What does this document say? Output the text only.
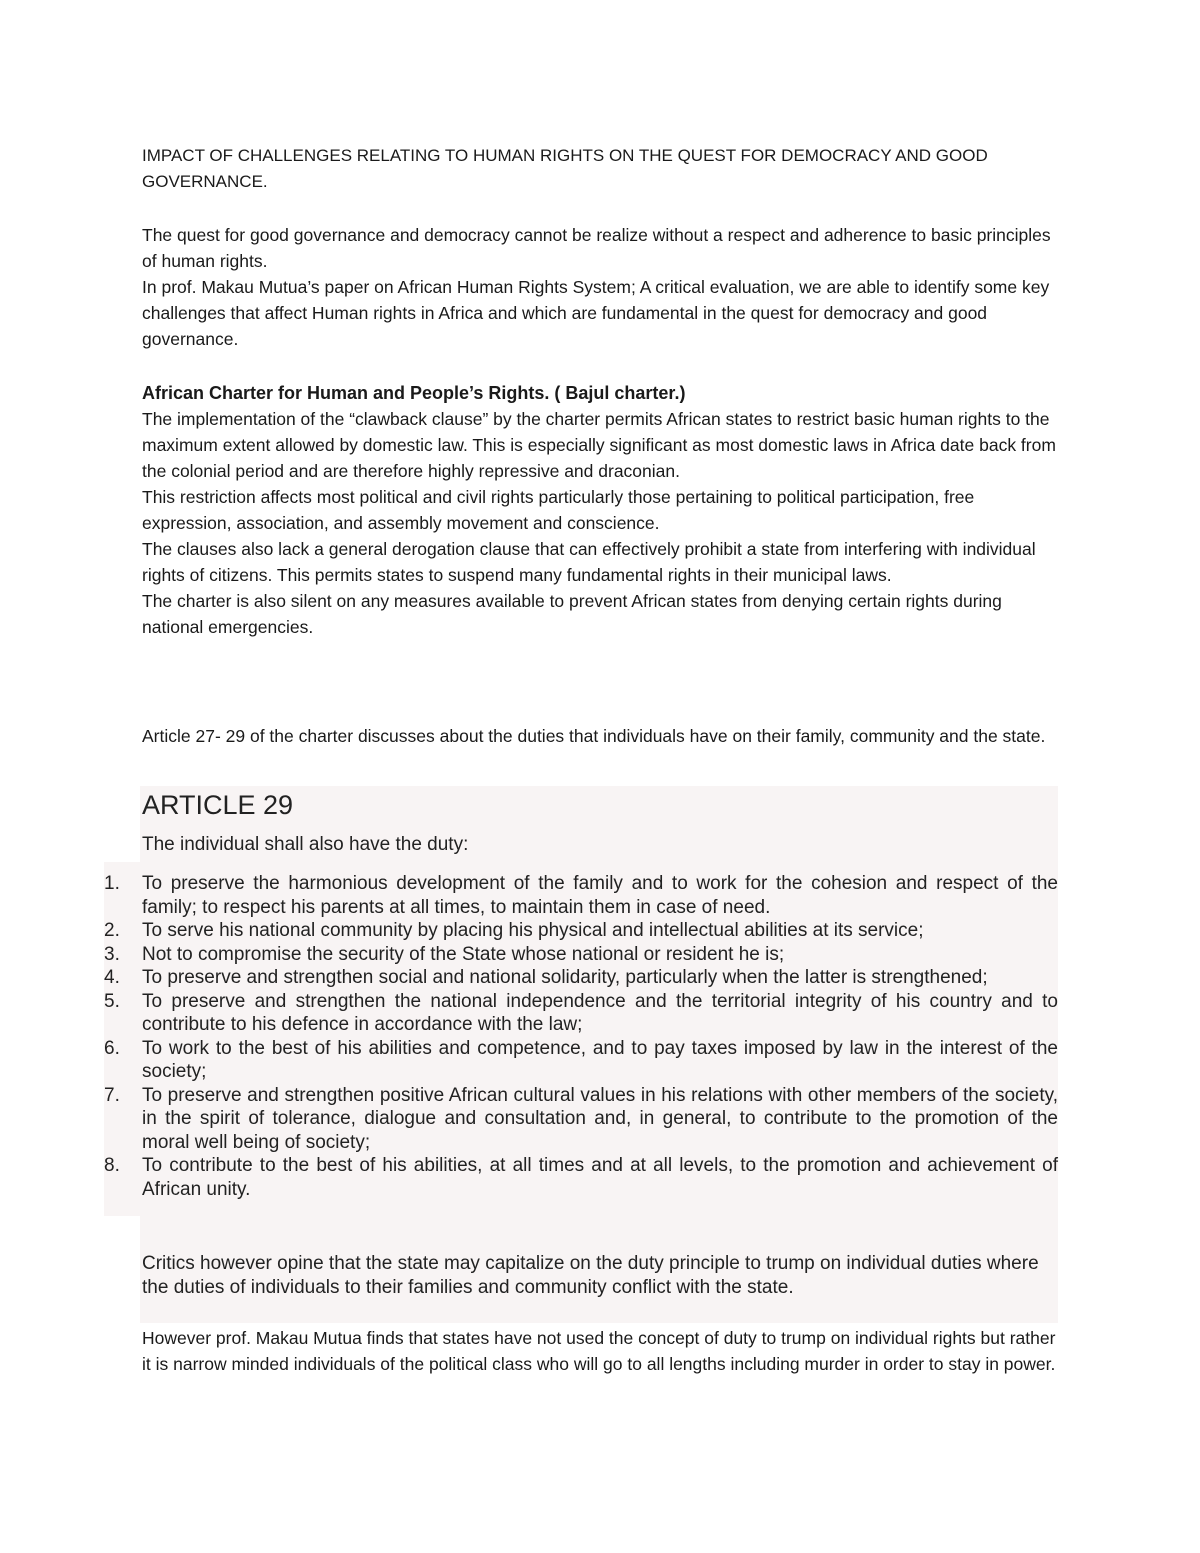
IMPACT OF CHALLENGES RELATING TO HUMAN RIGHTS ON THE QUEST FOR DEMOCRACY AND GOOD GOVERNANCE.

The quest for good governance and democracy cannot be realize without a respect and adherence to basic principles of human rights.

In prof. Makau Mutua’s paper on African Human Rights System; A critical evaluation, we are able to identify some key challenges that affect Human rights in Africa and which are fundamental in the quest for democracy and good governance.

African Charter for Human and People’s Rights. ( Bajul charter.)

The implementation of the “clawback clause” by the charter permits African states to restrict basic human rights to the maximum extent allowed by domestic law. This is especially significant as most domestic laws in Africa date back from the colonial period and are therefore highly repressive and draconian.

This restriction affects most political and civil rights particularly those pertaining to political participation, free expression, association, and assembly movement and conscience.

The clauses also lack a general derogation clause that can effectively prohibit a state from interfering with individual rights of citizens. This permits states to suspend many fundamental rights in their municipal laws.

The charter is also silent on any measures available to prevent African states from denying certain rights during national emergencies.

Article 27- 29 of the charter discusses about the duties that individuals have on their family, community and the state.
ARTICLE 29

The individual shall also have the duty:

1.	To preserve the harmonious development of the family and to work for the cohesion and respect of the family; to respect his parents at all times, to maintain them in case of need.
2.	To serve his national community by placing his physical and intellectual abilities at its service;
3.	Not to compromise the security of the State whose national or resident he is;
4.	To preserve and strengthen social and national solidarity, particularly when the latter is strengthened;
5.	To preserve and strengthen the national independence and the territorial integrity of his country and to contribute to his defence in accordance with the law;
6.	To work to the best of his abilities and competence, and to pay taxes imposed by law in the interest of the society;
7.	To preserve and strengthen positive African cultural values in his relations with other members of the society, in the spirit of tolerance, dialogue and consultation and, in general, to contribute to the promotion of the moral well being of society;
8.	To contribute to the best of his abilities, at all times and at all levels, to the promotion and achievement of African unity.

Critics however opine that the state may capitalize on the duty principle to trump on individual duties where the duties of individuals to their families and community conflict with the state.

However prof. Makau Mutua finds that states have not used the concept of duty to trump on individual rights but rather it is narrow minded individuals of the political class who will go to all lengths including murder in order to stay in power.
